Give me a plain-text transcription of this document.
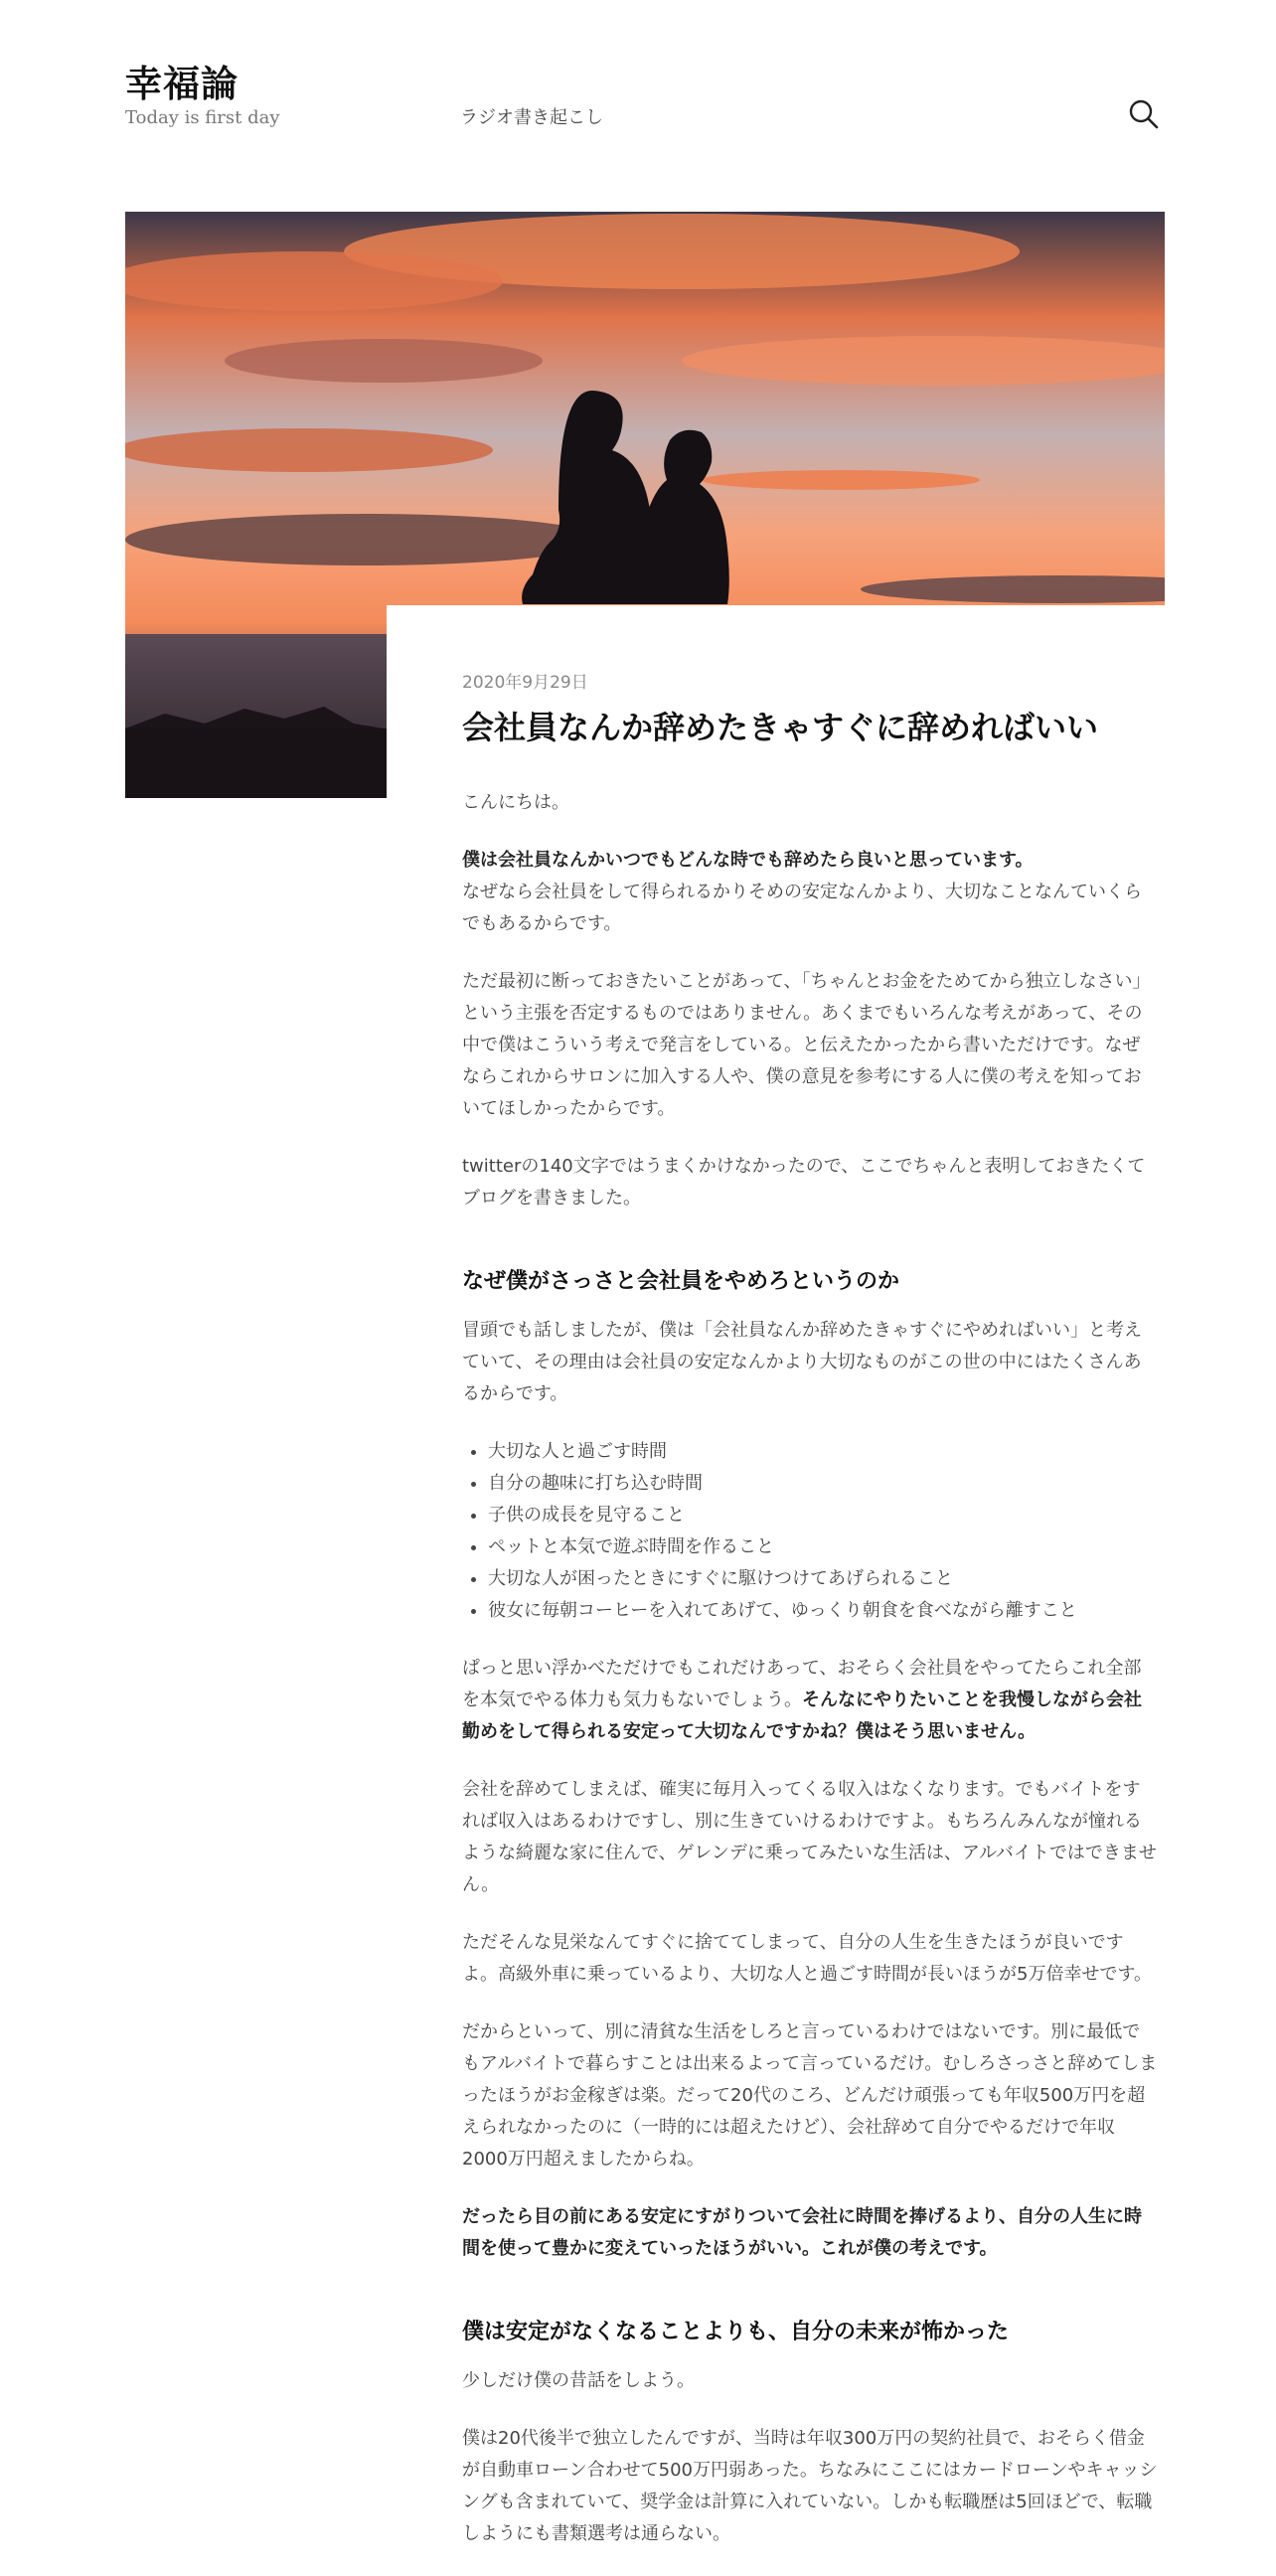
幸福論
Today is first day	ラジオ書き起こし
2020年9月29日
会社員なんか辞めたきゃすぐに辞めればいい

こんにちは。

僕は会社員なんかいつでもどんな時でも辞めたら良いと思っています。
なぜなら会社員をして得られるかりそめの安定なんかより、大切なことなんていくらでもあるからです。

ただ最初に断っておきたいことがあって、「ちゃんとお金をためてから独立しなさい」という主張を否定するものではありません。あくまでもいろんな考えがあって、その中で僕はこういう考えで発言をしている。と伝えたかったから書いただけです。なぜならこれからサロンに加入する人や、僕の意見を参考にする人に僕の考えを知っておいてほしかったからです。

twitterの140文字ではうまくかけなかったので、ここでちゃんと表明しておきたくてブログを書きました。

なぜ僕がさっさと会社員をやめろというのか

冒頭でも話しましたが、僕は「会社員なんか辞めたきゃすぐにやめればいい」と考えていて、その理由は会社員の安定なんかより大切なものがこの世の中にはたくさんあるからです。

• 大切な人と過ごす時間
• 自分の趣味に打ち込む時間
• 子供の成長を見守ること
• ペットと本気で遊ぶ時間を作ること
• 大切な人が困ったときにすぐに駆けつけてあげられること
• 彼女に毎朝コーヒーを入れてあげて、ゆっくり朝食を食べながら離すこと

ぱっと思い浮かべただけでもこれだけあって、おそらく会社員をやってたらこれ全部を本気でやる体力も気力もないでしょう。そんなにやりたいことを我慢しながら会社勤めをして得られる安定って大切なんですかね？僕はそう思いません。

会社を辞めてしまえば、確実に毎月入ってくる収入はなくなります。でもバイトをすれば収入はあるわけですし、別に生きていけるわけですよ。もちろんみんなが憧れるような綺麗な家に住んで、ゲレンデに乗ってみたいな生活は、アルバイトではできません。

ただそんな見栄なんてすぐに捨ててしまって、自分の人生を生きたほうが良いですよ。高級外車に乗っているより、大切な人と過ごす時間が長いほうが5万倍幸せです。

だからといって、別に清貧な生活をしろと言っているわけではないです。別に最低でもアルバイトで暮らすことは出来るよって言っているだけ。むしろさっさと辞めてしまったほうがお金稼ぎは楽。だって20代のころ、どんだけ頑張っても年収500万円を超えられなかったのに（一時的には超えたけど）、会社辞めて自分でやるだけで年収2000万円超えましたからね。

だったら目の前にある安定にすがりついて会社に時間を捧げるより、自分の人生に時間を使って豊かに変えていったほうがいい。これが僕の考えです。

僕は安定がなくなることよりも、自分の未来が怖かった

少しだけ僕の昔話をしよう。

僕は20代後半で独立したんですが、当時は年収300万円の契約社員で、おそらく借金が自動車ローン合わせて500万円弱あった。ちなみにここにはカードローンやキャッシングも含まれていて、奨学金は計算に入れていない。しかも転職歴は5回ほどで、転職しようにも書類選考は通らない。
